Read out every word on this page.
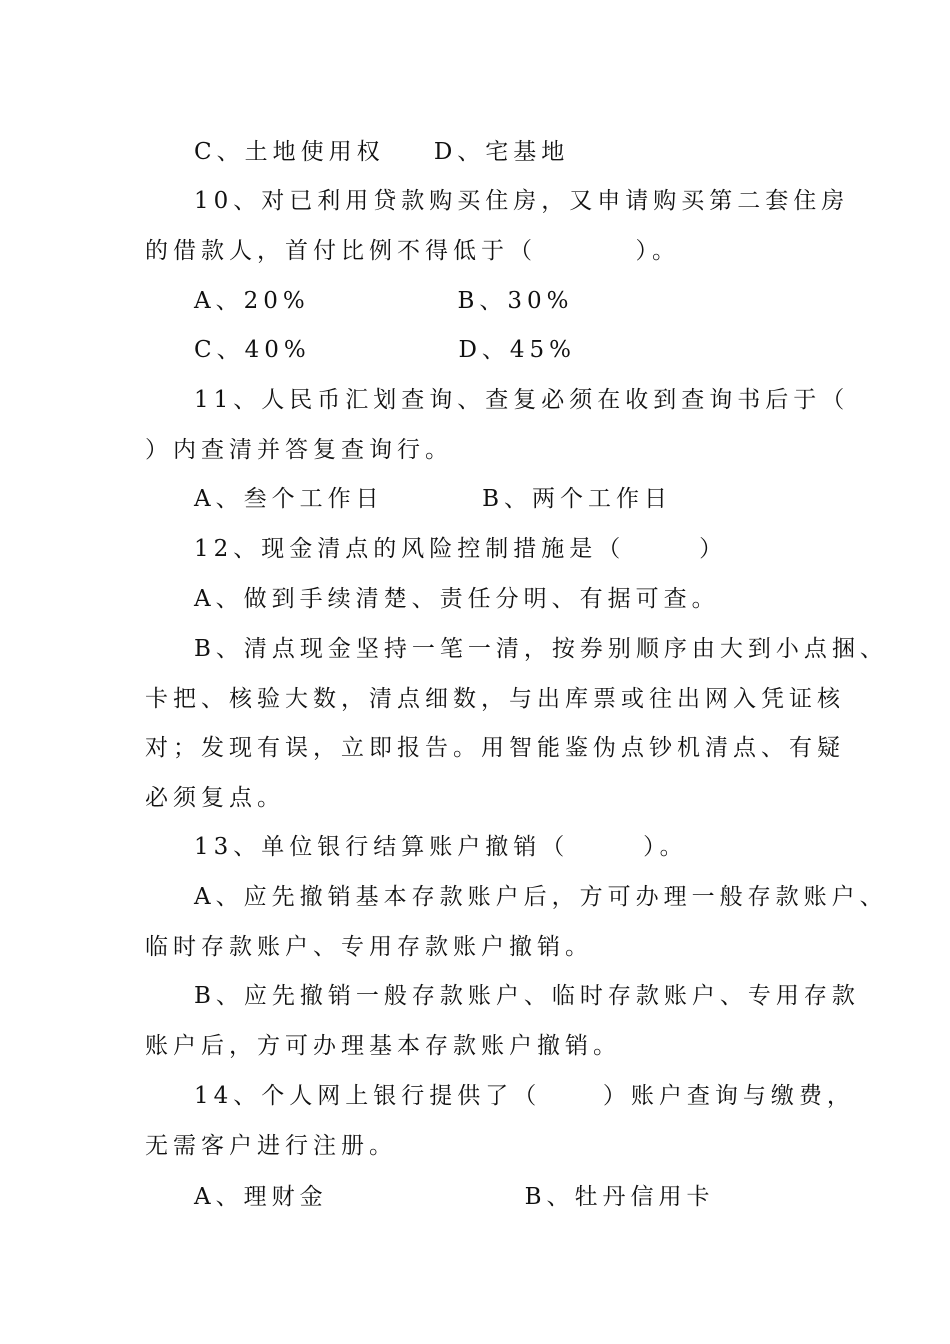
C、土地使用权    D、宅基地
10、对已利用贷款购买住房，又申请购买第二套住房
的借款人，首付比例不得低于（        ）。
A、20%            B、30%
C、40%            D、45%
11、人民币汇划查询、查复必须在收到查询书后于（
）内查清并答复查询行。
A、叁个工作日        B、两个工作日
12、现金清点的风险控制措施是（      ）
A、做到手续清楚、责任分明、有据可查。
B、清点现金坚持一笔一清，按券别顺序由大到小点捆、
卡把、核验大数，清点细数，与出库票或往出网入凭证核
对；发现有误，立即报告。用智能鉴伪点钞机清点、有疑
必须复点。
13、单位银行结算账户撤销（      ）。
A、应先撤销基本存款账户后，方可办理一般存款账户、
临时存款账户、专用存款账户撤销。
B、应先撤销一般存款账户、临时存款账户、专用存款
账户后，方可办理基本存款账户撤销。
14、个人网上银行提供了（     ）账户查询与缴费，
无需客户进行注册。
A、理财金                B、牡丹信用卡
